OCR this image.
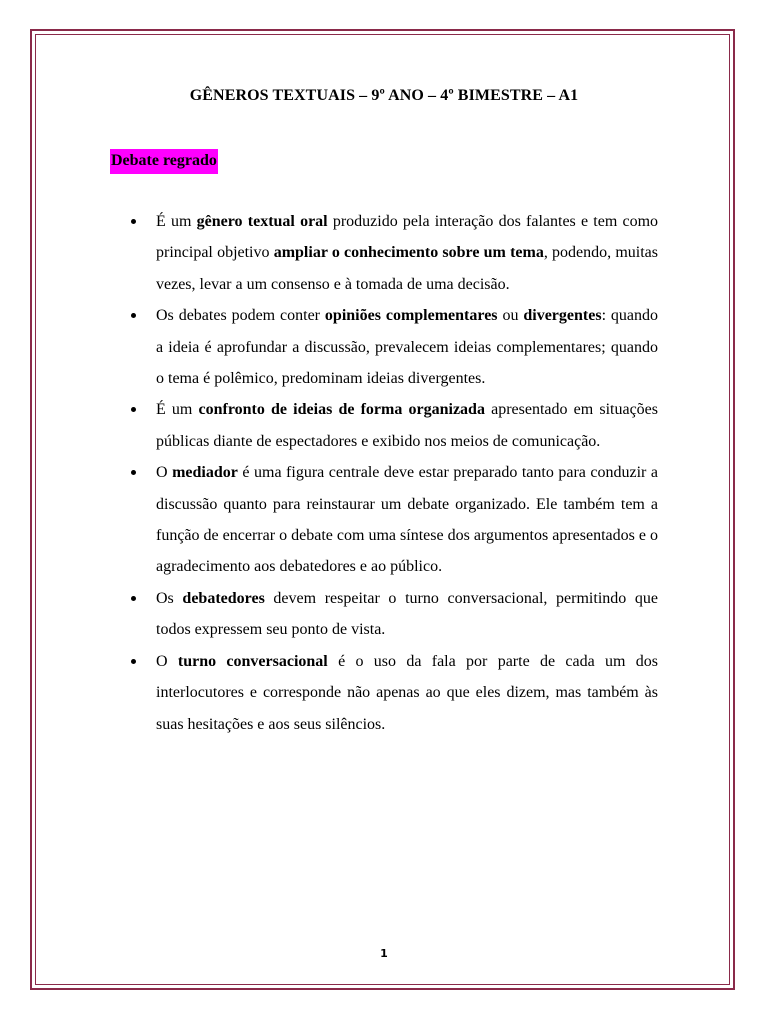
GÊNEROS TEXTUAIS – 9º ANO – 4º BIMESTRE – A1
Debate regrado
É um gênero textual oral produzido pela interação dos falantes e tem como principal objetivo ampliar o conhecimento sobre um tema, podendo, muitas vezes, levar a um consenso e à tomada de uma decisão.
Os debates podem conter opiniões complementares ou divergentes: quando a ideia é aprofundar a discussão, prevalecem ideias complementares; quando o tema é polêmico, predominam ideias divergentes.
É um confronto de ideias de forma organizada apresentado em situações públicas diante de espectadores e exibido nos meios de comunicação.
O mediador é uma figura centrale deve estar preparado tanto para conduzir a discussão quanto para reinstaurar um debate organizado. Ele também tem a função de encerrar o debate com uma síntese dos argumentos apresentados e o agradecimento aos debatedores e ao público.
Os debatedores devem respeitar o turno conversacional, permitindo que todos expressem seu ponto de vista.
O turno conversacional é o uso da fala por parte de cada um dos interlocutores e corresponde não apenas ao que eles dizem, mas também às suas hesitações e aos seus silêncios.
1
